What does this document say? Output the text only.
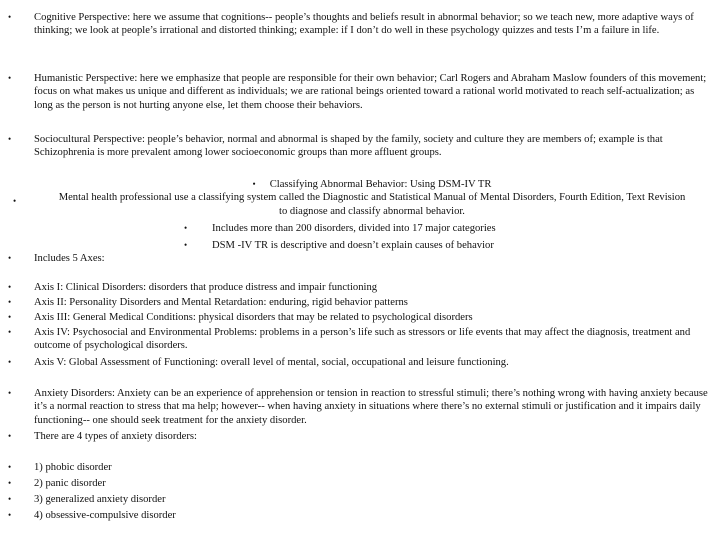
• Cognitive Perspective: here we assume that cognitions-- people’s thoughts and beliefs result in abnormal behavior; so we teach new, more adaptive ways of thinking; we look at people’s irrational and distorted thinking; example: if I don’t do well in these psychology quizzes and tests I’m a failure in life.
• Humanistic Perspective: here we emphasize that people are responsible for their own behavior; Carl Rogers and Abraham Maslow founders of this movement; focus on what makes us unique and different as individuals; we are rational beings oriented toward a rational world motivated to reach self-actualization; as long as the person is not hurting anyone else, let them choose their behaviors.
• Sociocultural Perspective: people’s behavior, normal and abnormal is shaped by the family, society and culture they are members of; example is that Schizophrenia is more prevalent among lower socioeconomic groups than more affluent groups.
•

• Classifying Abnormal Behavior: Using DSM-IV TR

Mental health professional use a classifying system called the Diagnostic and Statistical Manual of Mental Disorders, Fourth Edition, Text Revision to diagnose and classify abnormal behavior.

• Includes more than 200 disorders, divided into 17 major categories
• DSM -IV TR is descriptive and doesn’t explain causes of behavior
• Includes 5 Axes:
• Axis I: Clinical Disorders: disorders that produce distress and impair functioning
• Axis II: Personality Disorders and Mental Retardation: enduring, rigid behavior patterns
• Axis III: General Medical Conditions: physical disorders that may be related to psychological disorders
• Axis IV: Psychosocial and Environmental Problems: problems in a person’s life such as stressors or life events that may affect the diagnosis, treatment and outcome of psychological disorders.
• Axis V: Global Assessment of Functioning: overall level of mental, social, occupational and leisure functioning.
• Anxiety Disorders: Anxiety can be an experience of apprehension or tension in reaction to stressful stimuli; there’s nothing wrong with having anxiety because it’s a normal reaction to stress that ma help; however-- when having anxiety in situations where there’s no external stimuli or justification and it impairs daily functioning-- one should seek treatment for the anxiety disorder.
• There are 4 types of anxiety disorders:
• 1) phobic disorder
• 2) panic disorder
• 3) generalized anxiety disorder
• 4) obsessive-compulsive disorder
